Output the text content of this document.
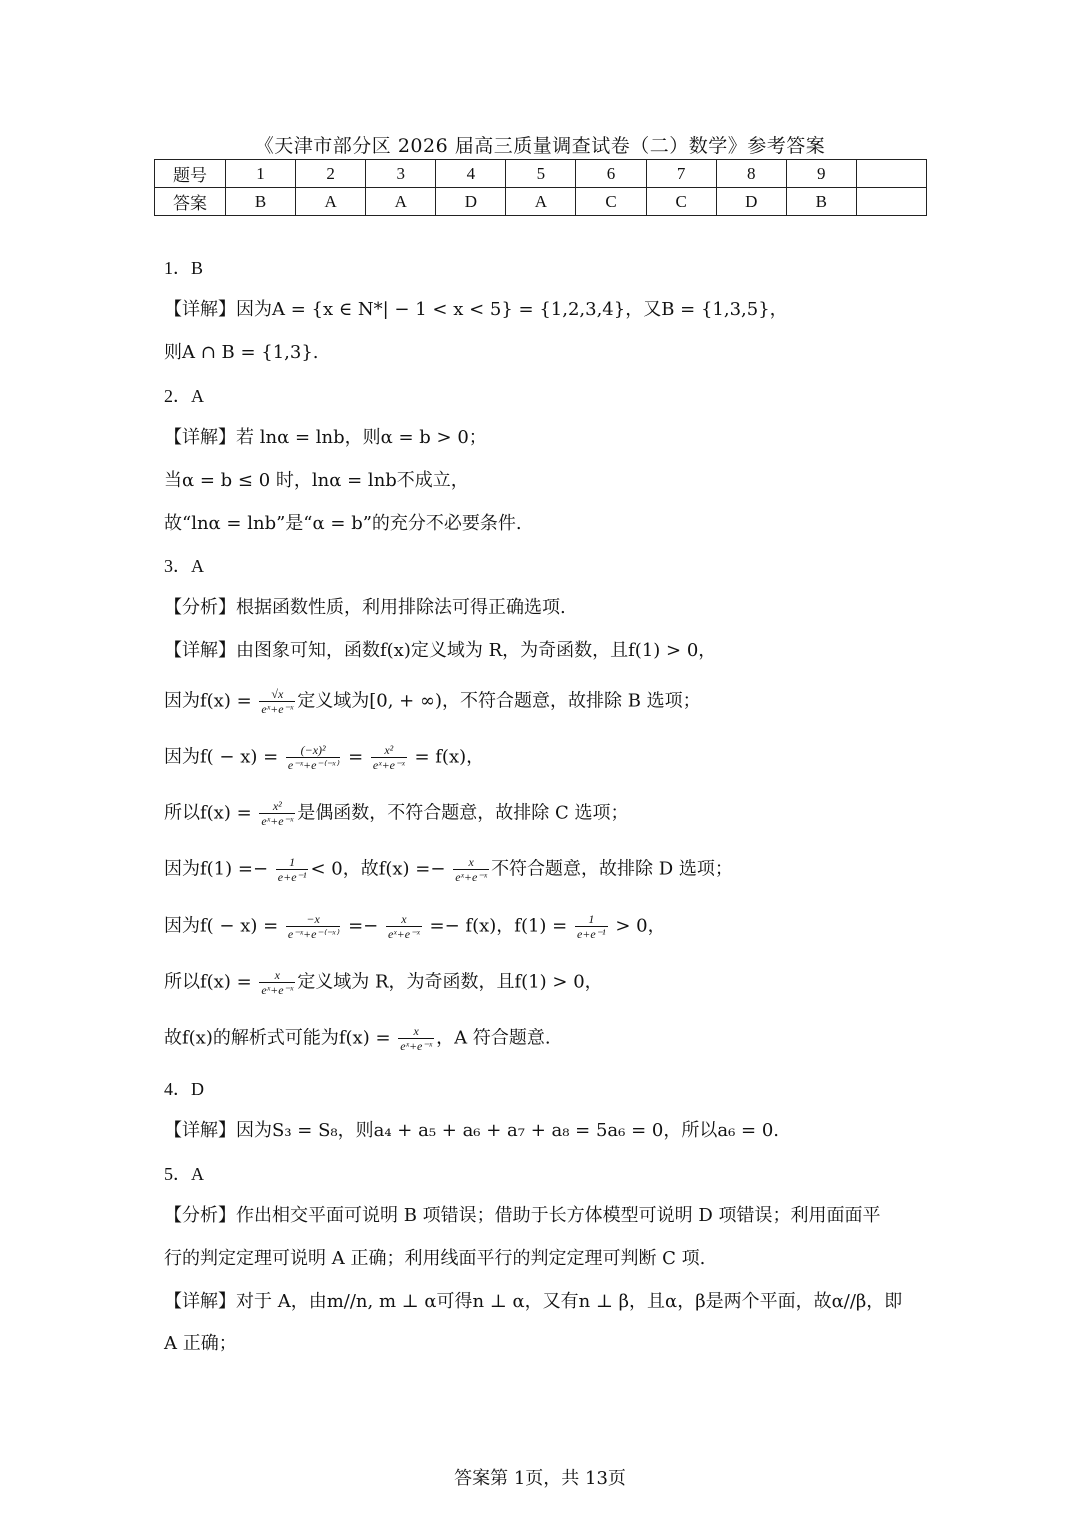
《天津市部分区 2026 届高三质量调查试卷（二）数学》参考答案
题号	1	2	3	4	5	6	7	8	9	
答案	B	A	A	D	A	C	C	D	B	
1．B
【详解】因为A = {x ∈ N*| − 1 < x < 5} = {1,2,3,4}，又B = {1,3,5}，
则A ∩ B = {1,3}.
2．A
【详解】若 lnα = lnb，则α = b > 0；
当α = b ≤ 0 时，lnα = lnb不成立，
故“lnα = lnb”是“α = b”的充分不必要条件.
3．A
【分析】根据函数性质，利用排除法可得正确选项.
【详解】由图象可知，函数f(x)定义域为 R，为奇函数，且f(1) > 0，
因为$f(x) = \frac{√x}{\text{eˣ+e⁻ˣ}}$ 定义域为[0, + ∞)，不符合题意，故排除 B 选项；
因为$f( - x) = \frac{\text{(−x)²}}{\text{e⁻ˣ+e⁻⁽⁻ˣ⁾}} = \frac{\text{x²}}{\text{eˣ+e⁻ˣ}} = f(x)$，
所以$f(x) = \frac{\text{x²}}{\text{eˣ+e⁻ˣ}}$ 是偶函数，不符合题意，故排除 C 选项；
因为$f(1) =- \frac{1}{\text{e+e⁻¹}} < 0$，故$f(x) =- \frac{x}{\text{eˣ+e⁻ˣ}}$ 不符合题意，故排除 D 选项；
因为$f( - x) = \frac{-x}{\text{e⁻ˣ+e⁻⁽⁻ˣ⁾}} =- \frac{x}{\text{eˣ+e⁻ˣ}} =- f(x)$，$f(1) = \frac{1}{\text{e+e⁻¹}} > 0$，
所以$f(x) = \frac{x}{\text{eˣ+e⁻ˣ}}$ 定义域为 R，为奇函数，且f(1) > 0，
故f(x)的解析式可能为$f(x) = \frac{x}{\text{eˣ+e⁻ˣ}}$ ，A 符合题意.
4．D
【详解】因为S₃ = S₈，则a₄ + a₅ + a₆ + a₇ + a₈ = 5a₆ = 0，所以a₆ = 0.
5．A
【分析】作出相交平面可说明 B 项错误；借助于长方体模型可说明 D 项错误；利用面面平
行的判定定理可说明 A 正确；利用线面平行的判定定理可判断 C 项.
【详解】对于 A，由m//n, m ⊥ α可得n ⊥ α，又有n ⊥ β，且α，β是两个平面，故α//β，即
A 正确；
答案第 1页，共 13页
